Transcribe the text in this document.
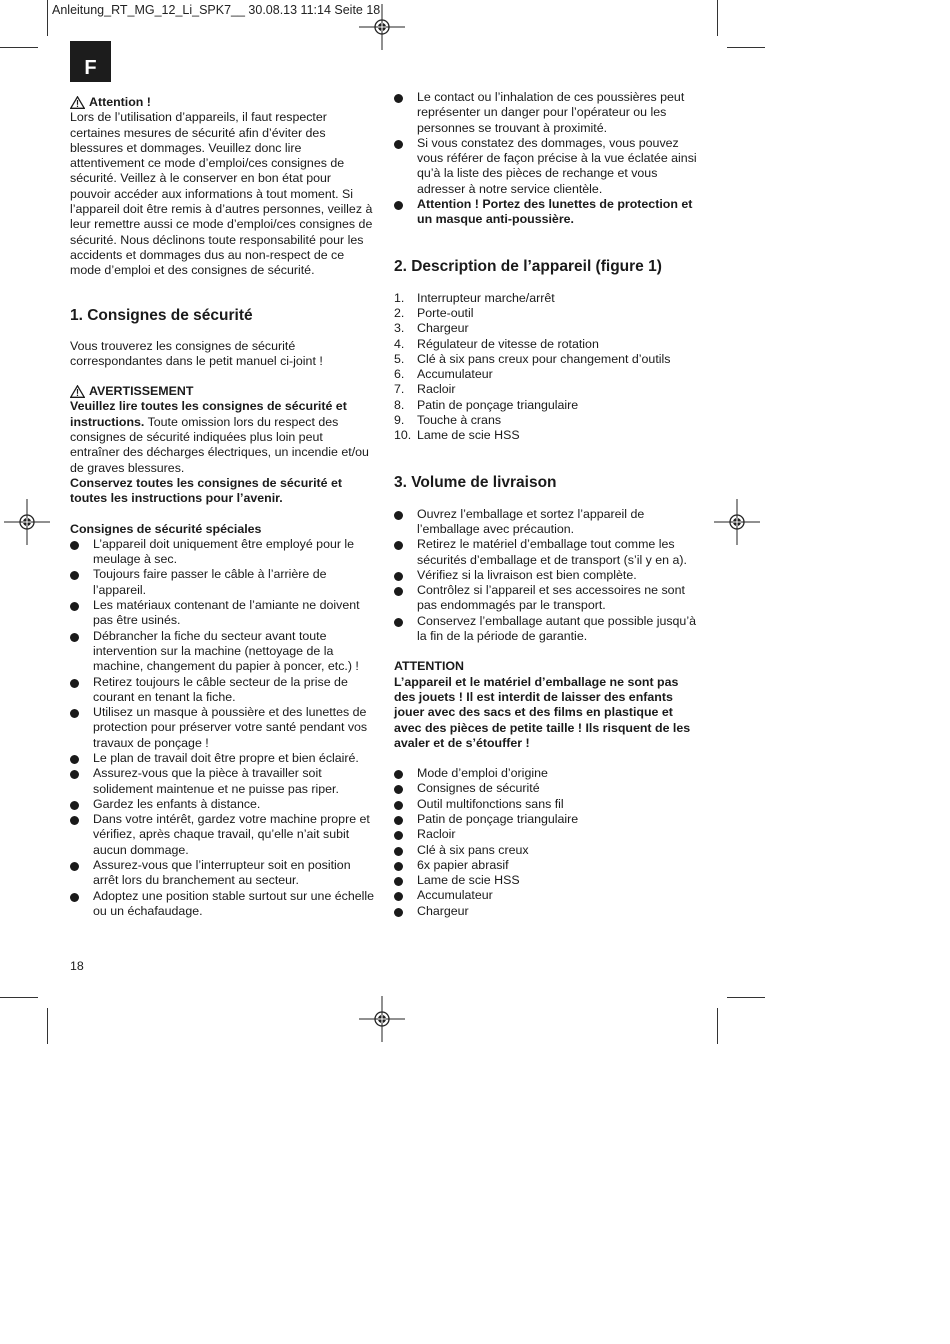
Anleitung_RT_MG_12_Li_SPK7__ 30.08.13 11:14 Seite 18
F
Attention !

Lors de l’utilisation d’appareils, il faut respecter certaines mesures de sécurité afin d’éviter des blessures et dommages. Veuillez donc lire attentivement ce mode d’emploi/ces consignes de sécurité. Veillez à le conserver en bon état pour pouvoir accéder aux informations à tout moment. Si l’appareil doit être remis à d’autres personnes, veillez à leur remettre aussi ce mode d’emploi/ces consignes de sécurité. Nous déclinons toute responsabilité pour les accidents et dommages dus au non-respect de ce mode d’emploi et des consignes de sécurité.

1. Consignes de sécurité

Vous trouverez les consignes de sécurité correspondantes dans le petit manuel ci-joint !

AVERTISSEMENT

Veuillez lire toutes les consignes de sécurité et instructions. Toute omission lors du respect des consignes de sécurité indiquées plus loin peut entraîner des décharges électriques, un incendie et/ou de graves blessures.

Conservez toutes les consignes de sécurité et toutes les instructions pour l’avenir.

Consignes de sécurité spéciales

L’appareil doit uniquement être employé pour le meulage à sec.
Toujours faire passer le câble à l’arrière de l’appareil.
Les matériaux contenant de l’amiante ne doivent pas être usinés.
Débrancher la fiche du secteur avant toute intervention sur la machine (nettoyage de la machine, changement du papier à poncer, etc.) !
Retirez toujours le câble secteur de la prise de courant en tenant la fiche.
Utilisez un masque à poussière et des lunettes de protection pour préserver votre santé pendant vos travaux de ponçage !
Le plan de travail doit être propre et bien éclairé.
Assurez-vous que la pièce à travailler soit solidement maintenue et ne puisse pas riper.
Gardez les enfants à distance.
Dans votre intérêt, gardez votre machine propre et vérifiez, après chaque travail, qu’elle n’ait subit aucun dommage.
Assurez-vous que l’interrupteur soit en position arrêt lors du branchement au secteur.
Adoptez une position stable surtout sur une échelle ou un échafaudage.
Le contact ou l’inhalation de ces poussières peut représenter un danger pour l’opérateur ou les personnes se trouvant à proximité.
Si vous constatez des dommages, vous pouvez vous référer de façon précise à la vue éclatée ainsi qu’à la liste des pièces de rechange et vous adresser à notre service clientèle.
Attention ! Portez des lunettes de protection et un masque anti-poussière.
2. Description de l’appareil (figure 1)
1. Interrupteur marche/arrêt
2. Porte-outil
3. Chargeur
4. Régulateur de vitesse de rotation
5. Clé à six pans creux pour changement d’outils
6. Accumulateur
7. Racloir
8. Patin de ponçage triangulaire
9. Touche à crans
10. Lame de scie HSS
3. Volume de livraison
Ouvrez l’emballage et sortez l’appareil de l’emballage avec précaution.
Retirez le matériel d’emballage tout comme les sécurités d’emballage et de transport (s’il y en a).
Vérifiez si la livraison est bien complète.
Contrôlez si l’appareil et ses accessoires ne sont pas endommagés par le transport.
Conservez l’emballage autant que possible jusqu’à la fin de la période de garantie.

ATTENTION

L’appareil et le matériel d’emballage ne sont pas des jouets ! Il est interdit de laisser des enfants jouer avec des sacs et des films en plastique et avec des pièces de petite taille ! Ils risquent de les avaler et de s’étouffer !

Mode d’emploi d’origine
Consignes de sécurité
Outil multifonctions sans fil
Patin de ponçage triangulaire
Racloir
Clé à six pans creux
6x papier abrasif
Lame de scie HSS
Accumulateur
Chargeur
18
